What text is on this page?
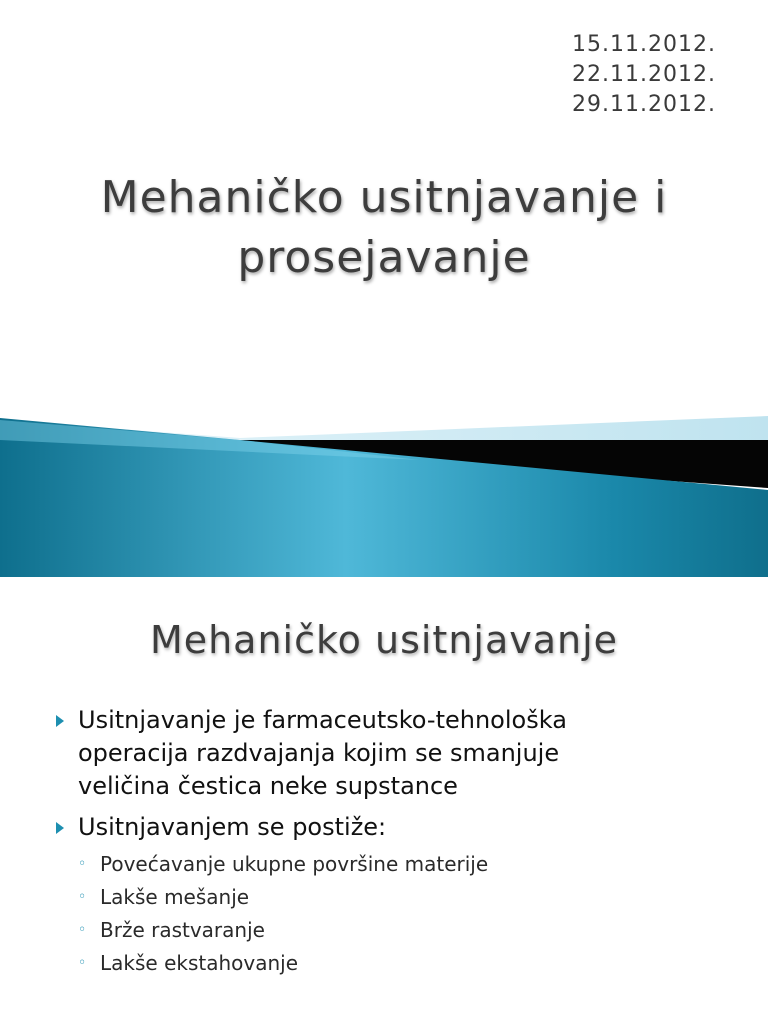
15.11.2012.
22.11.2012.
29.11.2012.
Mehaničko usitnjavanje i
prosejavanje
Mehaničko usitnjavanje
Usitnjavanje je farmaceutsko-tehnološka
operacija razdvajanja kojim se smanjuje
veličina čestica neke supstance
Usitnjavanjem se postiže:
◦ Povećavanje ukupne površine materije
◦ Lakše mešanje
◦ Brže rastvaranje
◦ Lakše ekstahovanje
